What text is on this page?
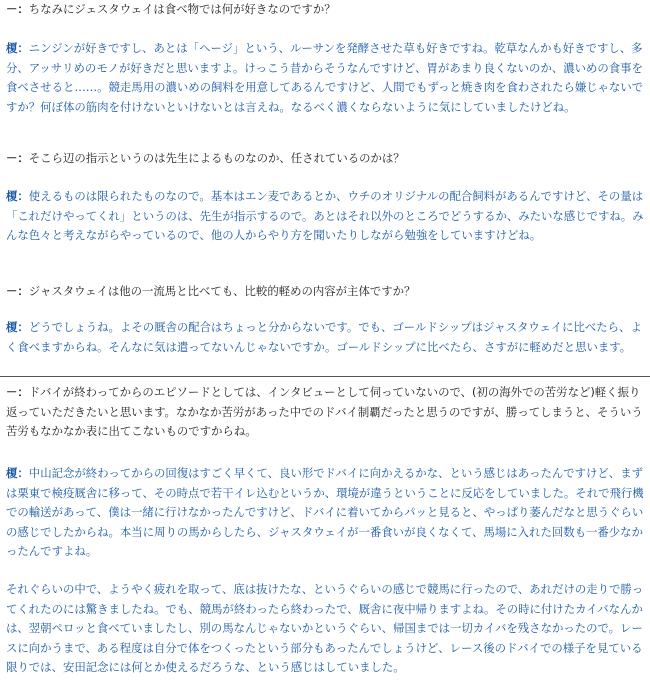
－：ちなみにジェスタウェイは食べ物では何が好きなのですか？

榎：ニンジンが好きですし、あとは「ヘージ」という、ルーサンを発酵させた草も好きですね。乾草なんかも好きですし、多分、アッサリめのモノが好きだと思いますよ。けっこう昔からそうなんですけど、胃があまり良くないのか、濃いめの食事を食べさせると……。競走馬用の濃いめの飼料を用意してあるんですけど、人間でもずっと焼き肉を食わされたら嫌じゃないですか？何ぼ体の筋肉を付けないといけないとは言えね。なるべく濃くならないように気にしていましたけどね。

－：そこら辺の指示というのは先生によるものなのか、任されているのかは？

榎：使えるものは限られたものなので。基本はエン麦であるとか、ウチのオリジナルの配合飼料があるんですけど、その量は「これだけやってくれ」というのは、先生が指示するので。あとはそれ以外のところでどうするか、みたいな感じですね。みんな色々と考えながらやっているので、他の人からやり方を聞いたりしながら勉強をしていますけどね。

－：ジャスタウェイは他の一流馬と比べても、比較的軽めの内容が主体ですか？

榎：どうでしょうね。よその厩舎の配合はちょっと分からないです。でも、ゴールドシップはジャスタウェイに比べたら、よく食べますからね。そんなに気は遣ってないんじゃないですか。ゴールドシップに比べたら、さすがに軽めだと思います。

－：ドバイが終わってからのエピソードとしては、インタビューとして伺っていないので、(初の海外での苦労など)軽く振り返っていただきたいと思います。なかなか苦労があった中でのドバイ制覇だったと思うのですが、勝ってしまうと、そういう苦労もなかなか表に出てこないものですからね。

榎：中山記念が終わってからの回復はすごく早くて、良い形でドバイに向かえるかな、という感じはあったんですけど、まずは栗東で検疫厩舎に移って、その時点で若干イレ込むというか、環境が違うということに反応をしていました。それで飛行機での輸送があって、僕は一緒に行けなかったんですけど、ドバイに着いてからパッと見ると、やっぱり萎んだなと思うぐらいの感じでしたからね。本当に周りの馬からしたら、ジャスタウェイが一番食いが良くなくて、馬場に入れた回数も一番少なかったんですよね。

それぐらいの中で、ようやく疲れを取って、底は抜けたな、というぐらいの感じで競馬に行ったので、あれだけの走りで勝ってくれたのには驚きましたね。でも、競馬が終わったら終わったで、厩舎に夜中帰りますよね。その時に付けたカイバなんかは、翌朝ペロッと食べていましたし、別の馬なんじゃないかというぐらい、帰国までは一切カイバを残さなかったので。レースに向かうまで、ある程度は自分で体をつくったという部分もあったんでしょうけど、レース後のドバイでの様子を見ている限りでは、安田記念には何とか使えるだろうな、という感じはしていました。
